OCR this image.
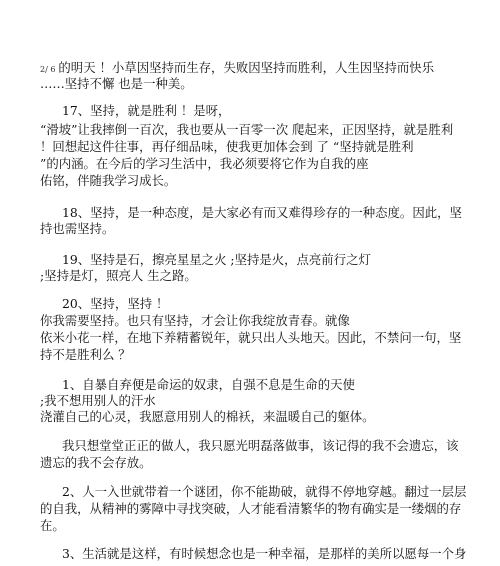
2/ 6 的明天 ！小草因坚持而生存，失败因坚持而胜利，人生因坚持而快乐
……坚持不懈 也是一种美。
17、坚持，就是胜利 ！是呀，
“滑坡”让我摔倒一百次，我也要从一百零一次 爬起来，正因坚持，就是胜利
！回想起这件往事，再仔细品味，使我更加体会到 了 “坚持就是胜利
”的内涵。在今后的学习生活中，我必须要将它作为自我的座
佑铭，伴随我学习成长。
18、坚持，是一种态度，是大家必有而又难得珍存的一种态度。因此，坚
持也需坚持。
19、坚持是石，擦亮星星之火 ;坚持是火，点亮前行之灯
;坚持是灯，照亮人 生之路。
20、坚持，坚持 ！
你我需要坚持。也只有坚持，才会让你我绽放青春。就像
依米小花一样，在地下养精蓄锐年，就只出人头地天。因此，不禁问一句，坚
持不是胜利么 ？
1、自暴自弃便是命运的奴隶，自强不息是生命的天使
;我不想用别人的汗水
浇灌自己的心灵，我愿意用别人的棉袄，来温暖自己的躯体。
我只想堂堂正正的做人，我只愿光明磊落做事，该记得的我不会遗忘，该
遗忘的我不会存放。
2、人一入世就带着一个谜团，你不能勘破，就得不停地穿越。翻过一层层
的自我，从精神的雾障中寻找突破，人才能看清繁华的物有确实是一缕烟的存
在。
3、生活就是这样，有时候想念也是一种幸福，是那样的美所以愿每一个身
